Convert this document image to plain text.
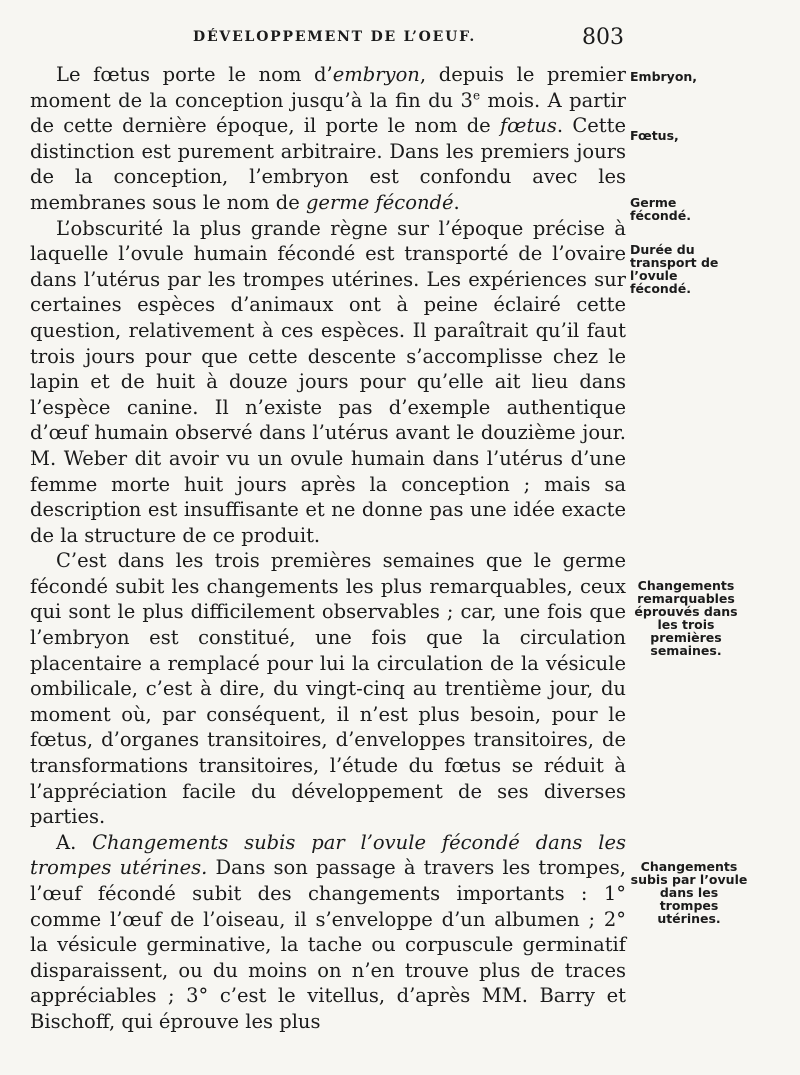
DÉVELOPPEMENT DE L’OEUF.	803

Le fœtus porte le nom d’embryon, depuis le premier moment de la conception jusqu’à la fin du 3e mois. A partir de cette dernière époque, il porte le nom de fœtus. Cette distinction est purement arbitraire. Dans les premiers jours de la conception, l’embryon est confondu avec les membranes sous le nom de germe fécondé.

L’obscurité la plus grande règne sur l’époque précise à laquelle l’ovule humain fécondé est transporté de l’ovaire dans l’utérus par les trompes utérines. Les expériences sur certaines espèces d’animaux ont à peine éclairé cette question, relativement à ces espèces. Il paraîtrait qu’il faut trois jours pour que cette descente s’accomplisse chez le lapin et de huit à douze jours pour qu’elle ait lieu dans l’espèce canine. Il n’existe pas d’exemple authentique d’œuf humain observé dans l’utérus avant le douzième jour. M. Weber dit avoir vu un ovule humain dans l’utérus d’une femme morte huit jours après la conception ; mais sa description est insuffisante et ne donne pas une idée exacte de la structure de ce produit.

C’est dans les trois premières semaines que le germe fécondé subit les changements les plus remarquables, ceux qui sont le plus difficilement observables ; car, une fois que l’embryon est constitué, une fois que la circulation placentaire a remplacé pour lui la circulation de la vésicule ombilicale, c’est à dire, du vingt-cinq au trentième jour, du moment où, par conséquent, il n’est plus besoin, pour le fœtus, d’organes transitoires, d’enveloppes transitoires, de transformations transitoires, l’étude du fœtus se réduit à l’appréciation facile du développement de ses diverses parties.

A. Changements subis par l’ovule fécondé dans les trompes utérines. Dans son passage à travers les trompes, l’œuf fécondé subit des changements importants : 1° comme l’œuf de l’oiseau, il s’enveloppe d’un albumen ; 2° la vésicule germinative, la tache ou corpuscule germinatif disparaissent, ou du moins on n’en trouve plus de traces appréciables ; 3° c’est le vitellus, d’après MM. Barry et Bischoff, qui éprouve les plus

Embryon,
Fœtus,
Germe fécondé.
Durée du transport de l’ovule fécondé.
Changements remarquables éprouvés dans les trois premières semaines.
Changements subis par l’ovule dans les trompes utérines.
